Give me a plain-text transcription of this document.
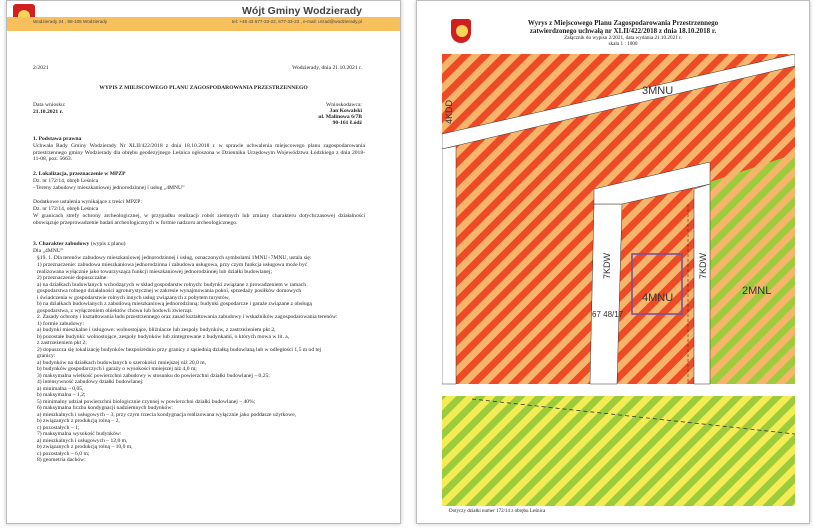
Wójt Gminy Wodzierady
Wodzierady 24 , 98-105 Wodzierady	tel: +48 43 677-33-22, 677-33-23 , e-mail: urzad@wodzierady.pl
2/2021	Wodzierady, dnia 21.10.2021 r.
WYPIS Z MIEJSCOWEGO PLANU ZAGOSPODAROWANIA PRZESTRZENNEGO
Data wniosku:
21.10.2021 r.
Wnioskodawca:
Jan Kowalski
ul. Malinowa 6/7B
90-161 Łódź
1. Podstawa prawna
Uchwała Rady Gminy Wodzierady Nr XLII/422/2018 z dnia 18.10.2018 r. w sprawie uchwalenia miejscowego planu zagospodarowania przestrzennego gminy Wodzierady dla obrębu geodezyjnego Leśnica ogłoszona w Dzienniku Urzędowym Województwa Łódzkiego z dnia 2018-11-08, poz. 5663.
2. Lokalizacja, przeznaczenie w MPZP
Dz. nr 172/14, obręb Leśnica
- Tereny zabudowy mieszkaniowej jednorodzinnej i usług „4MNU”
Dodatkowe ustalenia wynikające z treści MPZP:
Dz. nr 172/14, obręb Leśnica
W granicach strefy ochrony archeologicznej, w przypadku realizacji robót ziemnych lub zmiany charakteru dotychczasowej działalności obowiązuje przeprowadzenie badań archeologicznych w formie nadzoru archeologicznego.
3. Charakter zabudowy (wypis z planu)
Dla „4MNU”
§19. 1. Dla terenów zabudowy mieszkaniowej jednorodzinnej i usług, oznaczonych symbolami 1MNU÷7MNU, ustala się:
1) przeznaczenie: zabudowa mieszkaniowa jednorodzinna i zabudowa usługowa, przy czym funkcja usługowa może być
realizowana wyłącznie jako towarzysząca funkcji mieszkaniowej jednorodzinnej lub działki budowlanej;
2) przeznaczenie dopuszczalne:
a) na działkach budowlanych wchodzących w skład gospodarstw rolnych: budynki związane z prowadzeniem w ramach
gospodarstwa rolnego działalności agroturystycznej w zakresie wynajmowania pokoi, sprzedaży posiłków domowych
i świadczenia w gospodarstwie rolnych innych usług związanych z pobytem turystów,
b) na działkach budowlanych z zabudową mieszkaniową jednorodzinną: budynki gospodarcze i garaże związane z obsługą
gospodarstwa, z wyłączeniem obiektów chowu lub hodowli zwierząt.
2. Zasady ochrony i kształtowania ładu przestrzennego oraz zasad kształtowania zabudowy i wskaźników zagospodarowania terenów:
1) formie zabudowy:
a) budynki mieszkalne i usługowe: wolnostojące, bliźniacze lub zespoły budynków, z zastrzeżeniem pkt 2,
b) pozostałe budynki: wolnostojące, zespoły budynków lub zintegrowane z budynkami, o których mowa w lit. a,
z zastrzeżeniem pkt 2;
2) dopuszcza się lokalizację budynków bezpośrednio przy granicy z sąsiednią działką budowlaną lub w odległości 1,5 m od tej
granicy:
a) budynków na działkach budowlanych o szerokości mniejszej niż 20,0 m,
b) budynków gospodarczych i garaży o wysokości mniejszej niż 4,0 m;
3) maksymalna wielkość powierzchni zabudowy w stosunku do powierzchni działki budowlanej – 0,25;
4) intensywność zabudowy działki budowlanej:
a) minimalna – 0,05,
b) maksymalna – 1,2;
5) minimalny udział powierzchni biologicznie czynnej w powierzchni działki budowlanej – 40%;
6) maksymalna liczba kondygnacji nadziemnych budynków:
a) mieszkalnych i usługowych – 3, przy czym trzecia kondygnacja realizowana wyłącznie jako poddasze użytkowe,
b) związanych z produkcją rolną – 2,
c) pozostałych – 1;
7) maksymalna wysokość budynków:
a) mieszkalnych i usługowych – 12,0 m,
b) związanych z produkcją rolną – 10,0 m,
c) pozostałych – 6,0 m;
8) geometria dachów:
Wyrys z Miejscowego Planu Zagospodarowania Przestrzennego
zatwierdzonego uchwałą nr XLII/422/2018 z dnia 18.10.2018 r.
Załącznik do wypisu 2/2021, data wydania 21.10.2021 r.
skala 1 : 1000
3MNU
4MNU
2MNL
67 48/17
7KDW	7KDW
4KDD
Dotyczy działki numer 172/14 z obrębu Leśnica
